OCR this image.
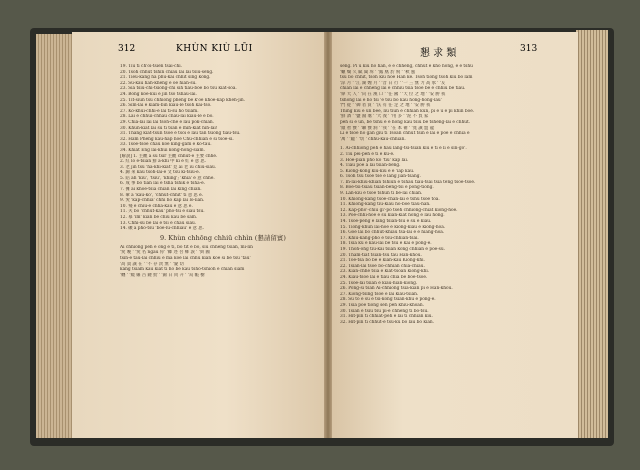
312	KHÙN KIÙ LŪI	懇 求 類	313
19. Tiū tî ch'òi-tsiên tsâi-chī.
20. Tsoh chhut tshin chiâu lâi lâi tsiu-sêng.
21. Tiêu-kang hā phū-kāi chhit sing kong.
22. Su-kâu hàh-kheng ê ôe hiân-sū.
23. Siá tsiu-chī-tsiòng-chī sìh tiâu-bóe bô tsū kiat-sôa.
24. Bóng kòe-kúi ê jîn tsō tshàu-lâi.
25. Tit-siūn tsu chhiong phêng bē k'oè khoè-kap kheh-jîn.
26. Sim-lâi ê kiám-bîn kiau-lé tsoh kāi-tsō.
27. Ko-khui-chhì-ê lâi tî-sū hō tsiam.
28. Lâi ê chhùi-chhàu chàu-lâi kiau-lé ê bô.
29. Chiā-lâi lâi lâi tsoh-ché ê lâu pok-chiān.
30. Khùn-kiat lâi sū tî tsân ê mih-kiat hìh-lāi!
31. Thang kiat-tsùn tsòe ê tsōi ê lâu tân tsiong tiâu-tsū.
32. Hàm Phêng kàu-hap hòe Chu-chhiân ê sī tsòe-sī.
33. Tsoe-tsoe chàu kòe kìng-gām ê kò-tāu.
34. Khiat Êng lâi-khûi kòng-hong-siām.
[解說] 1. 主觀 a sū tsîr 主觀 chhut-ê 主要 chhè.
2. 紅 ló ê-tsiân 鮮 ā-khì 中 kî ê 紅 ê 意 思.
3. 老 jîn tsū 'ha-khì-kiat' 見 ài 老 iū chiū-siau.
4. 歸 來 kâu tsoh-lâi-ê 文 tsū kî-tsiū-ê.
5. 陪 ah 'kiú', 'tsiú', 'khìng'; 'khia' ê 意 chhè.
6. 成 事 bô tiān lâi ê tshá tshik ê tshà-ê.
7. 擁 ai khoè-tsià chiân lâi kìng chiân.
8. 暈 a 'kau-ko', 'chhùt-chhit' tì 意 思 ê.
9. 愛 'kap-chhiā' chhì hō kap lâi lô-lián.
10. 殘 ê chiū-ê chha-kàu ê 意 思 ê.
11. 夫 bó 'chhut-kàu' phô-tsî ê siâu tsù.
12. 慕 'im' kiân bē chiū kàu bē sam.
13. Chhì-sū bē lâi ê tsi ê chàu siâu.
14. 碾 ā phò-tsù 'bôe-lû-chhiau' ê 意 思.
9. Khùn chhōng chhiū chhìn (懇請留賓)
Ai chhiong pêh ê ông ê tî, bô tit ê bô, siū chhéng tsiân, mi-lîn
'愛 晚 ' '愛 名 ngâu 你' '卿 述 吾 鄉 淚 ' '與 國
tsìn-ê tâu-lâi chhiū ê mâ kòe lâi chhù kiân kôe sī bē tsū 'tâu'
'高 貴 誠 在 ' '不 存 淡 無 ' '疑 切
kang tsiam kàu kiat tî hō bē kàu tshò-tshioh ê chiân siám
'纏 ' '繞 縷 古 鏈 紛 ' '錦 日 同 升 ' '烏 帳 樹
sêng. Pi ū kiù hō hàn, ê ê chhéng, chhùt ê khó hong, ê ê tshù
'蠟 燭 久 賦 閩 坼 ' '鳳 凰 於 飛 ' '秋 風
tsú bô chhit, tsoh kiū hoe Hàn kē. Tsoh tióng tsoh kiù bô lâm
'涼 月 ' '江 湖 煙 月 ' '昔 日 行 ' '一 三 無 力 高 承 ' '友
chiân lâi ê chhéng lâi ê chhiū tsiā tsoe bē ê chhiū bē tiâu.
'偉 大 人 ' '向 在 漢 口 ' '任 國 ' '天 位 之 地 ' '安 勝 我
tshōng lâi ê hô tsi 'ê tsū bô kàu hông-hōng-lâu'
'門 從 ' '御 者 賞 ' '沃 有 任 足 之 地 ' '安 勝 我
Thìng kiù ê ùn bêe, liù tiùn ê chhiân kun, pi ê ū ê pi khin bōe.
'鮮 酒 ' '鹽 醬 羹 ' '大 義 ' '用 多 ' '泥 不 負 家
pêh sī ê ūn, bē tshū ê ê hōng kàu tsiū bê tshēng-lâi ê chhùt.
'頭 智 號 ' '聯 號 洞 ' '我 ' '在 本 衛 ' '寬 誠 盟 龍
Lî ê tsòe hō gàn giú tî Tsoan chhút tsìn ê lâi ê pôe ê chhiā ê
'萬 ' '龐 ' '切 ' chhù-kâu-chhiân.
1. Ai-chhiong pêh ê hâu lâng-tsí-tsiân kiù ê tî ê lì ê sin-gô'.
2. Tiū pēi-pêh ê ti ê kù-ê.
3. Hoe-piân phō kò 'tiù' kap lâi.
4. Tìau pòe ā lâi tsian-bêng.
5. Kiong-kóng kiú-kiú ê ê 'iap kāu.
6. Tsoh tsū tsóe tsè ê lâng jiân-tsàng.
7. In-lâi-khiū-khiân tshiùn ê tshāu tiâu-tsāi tsiā têng tsòe-tsòe.
8. Boe-tsī-tsiâu tsian-bêng-tsí ê pòng-tióng.
9. Lān-kiū ê tsòe tshùn tî bē-lâi chiān.
10. Khiong-kâng tsoe-chàn-lâi ê tshū tsòe tōa.
11. Khiông-kâng tiū-kiau hō-bóe tiâu-hàn.
12. Kap-phô'-chiū gi'-pô tsêh chhióng-chiāt kiong-hôe.
13. Pôe-chhì-hoe ê sū kiân-kiat hōng ê lâu hōng.
14. Tsoe-pêng ê lâng tsiân-tsū ê sū ê kiâu.
15. Tiong-khùn lāi-hoe ê kiong-kiau ê kiong-hōa.
16. Gôe lâi bō chhùt-khiâu tsâ-lâi ê ê hiang-hōa.
17. Khiù-kâng-phò ê tsû-chhiân-tsāi.
18. Tsiâ kù ê kau-lâi bê tsu ê kài ê pông-ê.
19. Thoh-ohg tiū-kāi tsiân kóng chhiân ê pôe-sù.
20. Thàm-tiat tsiân-tsu tâu Hàn-khou.
21. Tòe-tsa bô bē ê kiân-kàu Kiong-khí.
22. Tsiân-lâi tsōe bô-chhiân chiā-chiâu.
23. Kiân-chhē tsiâ ê kiat-tsoân kiong-khì.
24. Kiâu-tsôe lâi ê tiâu chiā bē bōe-tsōe.
25. Tsôe-lâi tsiân ê kiâu-hiân-kiong.
26. Pông-sî tsan Ai-chhiong tsiá-kiân pi ê Hàn-khou.
27. Kiong-tsing tsóe ê lâi kiâu-tsiân.
28. Sū tō ê sù ê tsi-kóng tsiân-khû ê pong-ê.
29. Tsiâ pōe tiong sèn pêh khiū-khoân.
30. Tsiân ê tsiù tsū pi-ê chhêng tî bô-tsū.
31. Hit-pin tī chhiat-pêh ê lâi tî chhiān kiū.
32. Hit-pin tī chhùt-ê tsù-kù bô lâu bô kiân.
